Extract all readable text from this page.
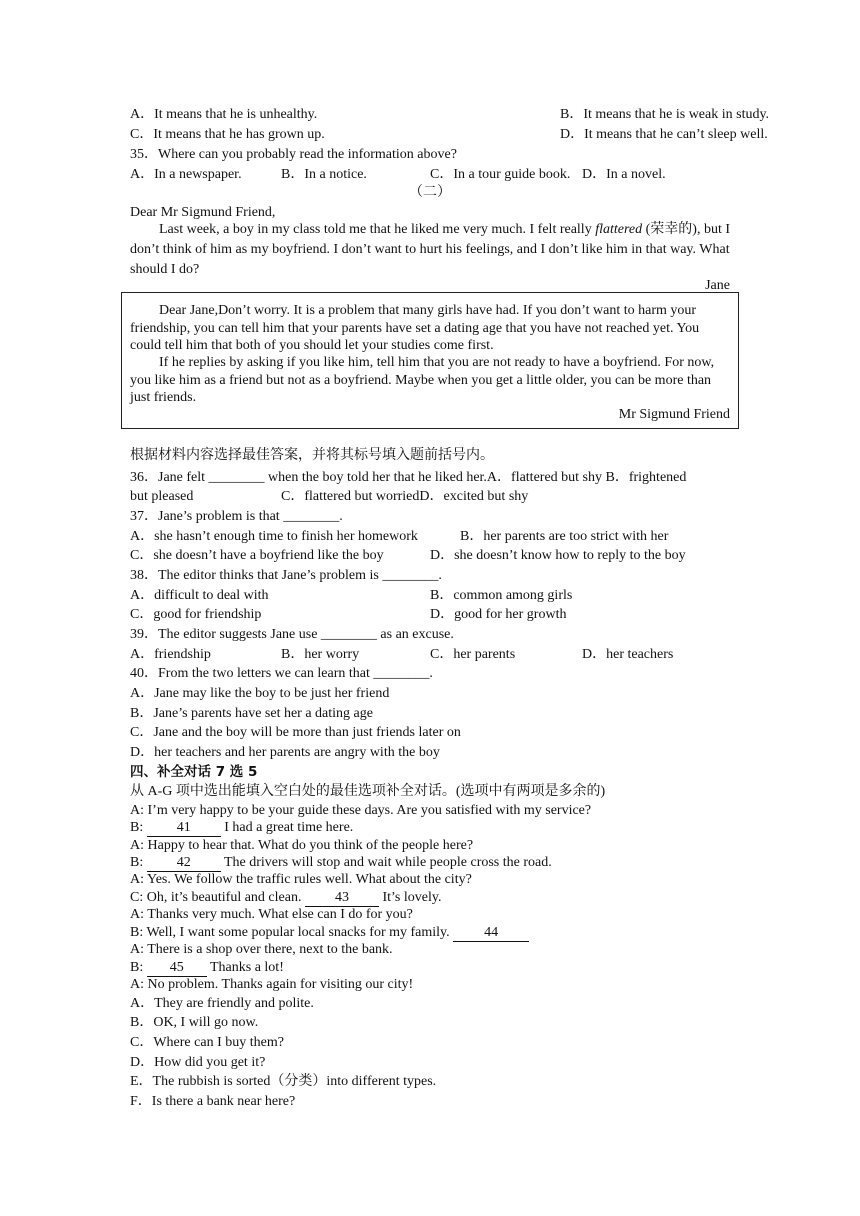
A．It means that he is unhealthy.	B．It means that he is weak in study.
C．It means that he has grown up.	D．It means that he can’t sleep well.
35．Where can you probably read the information above?
A．In a newspaper.	B．In a notice.	C．In a tour guide book. D．In a novel.
（二）
Dear Mr Sigmund Friend,
Last week, a boy in my class told me that he liked me very much. I felt really flattered (荣幸的), but I don’t think of him as my boyfriend. I don’t want to hurt his feelings, and I don’t like him in that way. What should I do?
Jane
Dear Jane,Don’t worry. It is a problem that many girls have had. If you don’t want to harm your friendship, you can tell him that your parents have set a dating age that you have not reached yet. You could tell him that both of you should let your studies come first.
If he replies by asking if you like him, tell him that you are not ready to have a boyfriend. For now, you like him as a friend but not as a boyfriend. Maybe when you get a little older, you can be more than just friends.
Mr Sigmund Friend
根据材料内容选择最佳答案，并将其标号填入题前括号内。
36．Jane felt ________ when the boy told her that he liked her.A．flattered but shy B．frightened
but pleased	C．flattered but worriedD．excited but shy
37．Jane’s problem is that ________.
A．she hasn’t enough time to finish her homework	B．her parents are too strict with her
C．she doesn’t have a boyfriend like the boy	D．she doesn’t know how to reply to the boy
38．The editor thinks that Jane’s problem is ________.
A．difficult to deal with	B．common among girls
C．good for friendship	D．good for her growth
39．The editor suggests Jane use ________ as an excuse.
A．friendship	B．her worry	C．her parents	D．her teachers
40．From the two letters we can learn that ________.
A．Jane may like the boy to be just her friend
B．Jane’s parents have set her a dating age
C．Jane and the boy will be more than just friends later on
D．her teachers and her parents are angry with the boy
四、补全对话 7 选 5
从 A-G 项中选出能填入空白处的最佳选项补全对话。(选项中有两项是多余的)
A: I’m very happy to be your guide these days. Are you satisfied with my service?
B: 41 I had a great time here.
A: Happy to hear that. What do you think of the people here?
B: 42 The drivers will stop and wait while people cross the road.
A: Yes. We follow the traffic rules well. What about the city?
C: Oh, it’s beautiful and clean. 43 It’s lovely.
A: Thanks very much. What else can I do for you?
B: Well, I want some popular local snacks for my family. 44
A: There is a shop over there, next to the bank.
B: 45 Thanks a lot!
A: No problem. Thanks again for visiting our city!
A．They are friendly and polite.
B．OK, I will go now.
C．Where can I buy them?
D．How did you get it?
E．The rubbish is sorted（分类）into different types.
F．Is there a bank near here?
